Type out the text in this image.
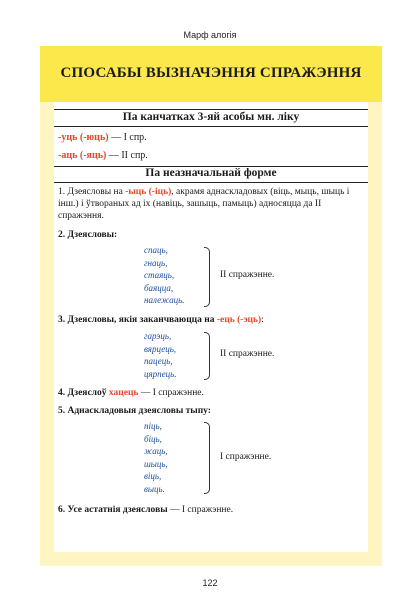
Марф алогія
СПОСАБЫ ВЫЗНАЧЭННЯ СПРАЖЭННЯ
Па канчатках 3-яй асобы мн. ліку
-уць (-юць) — I спр.
-аць (-яць) — II спр.
Па неазначальнай форме
1. Дзеясловы на -ыць (-іць), акрамя аднаскладовых (віць, мыць, шыць і інш.) і ўтвораных ад іх (навіць, зашыць, памыць) адносяцца да II спражэння.
2. Дзеясловы:
спаць,
гнаць,
стаяць,
баяцца,
належаць.
II спражэнне.
3. Дзеясловы, якія заканчваюцца на -ець (-эць):
гарэць,
вярцець,
пацець,
цярпець.
II спражэнне.
4. Дзеяслоў хацець — I спражэнне.
5. Аднаскладовыя дзеясловы тыпу:
піць,
біць,
жаць,
шыць,
віць,
выць.
I спражэнне.
6. Усе астатнія дзеясловы — I спражэнне.
122
